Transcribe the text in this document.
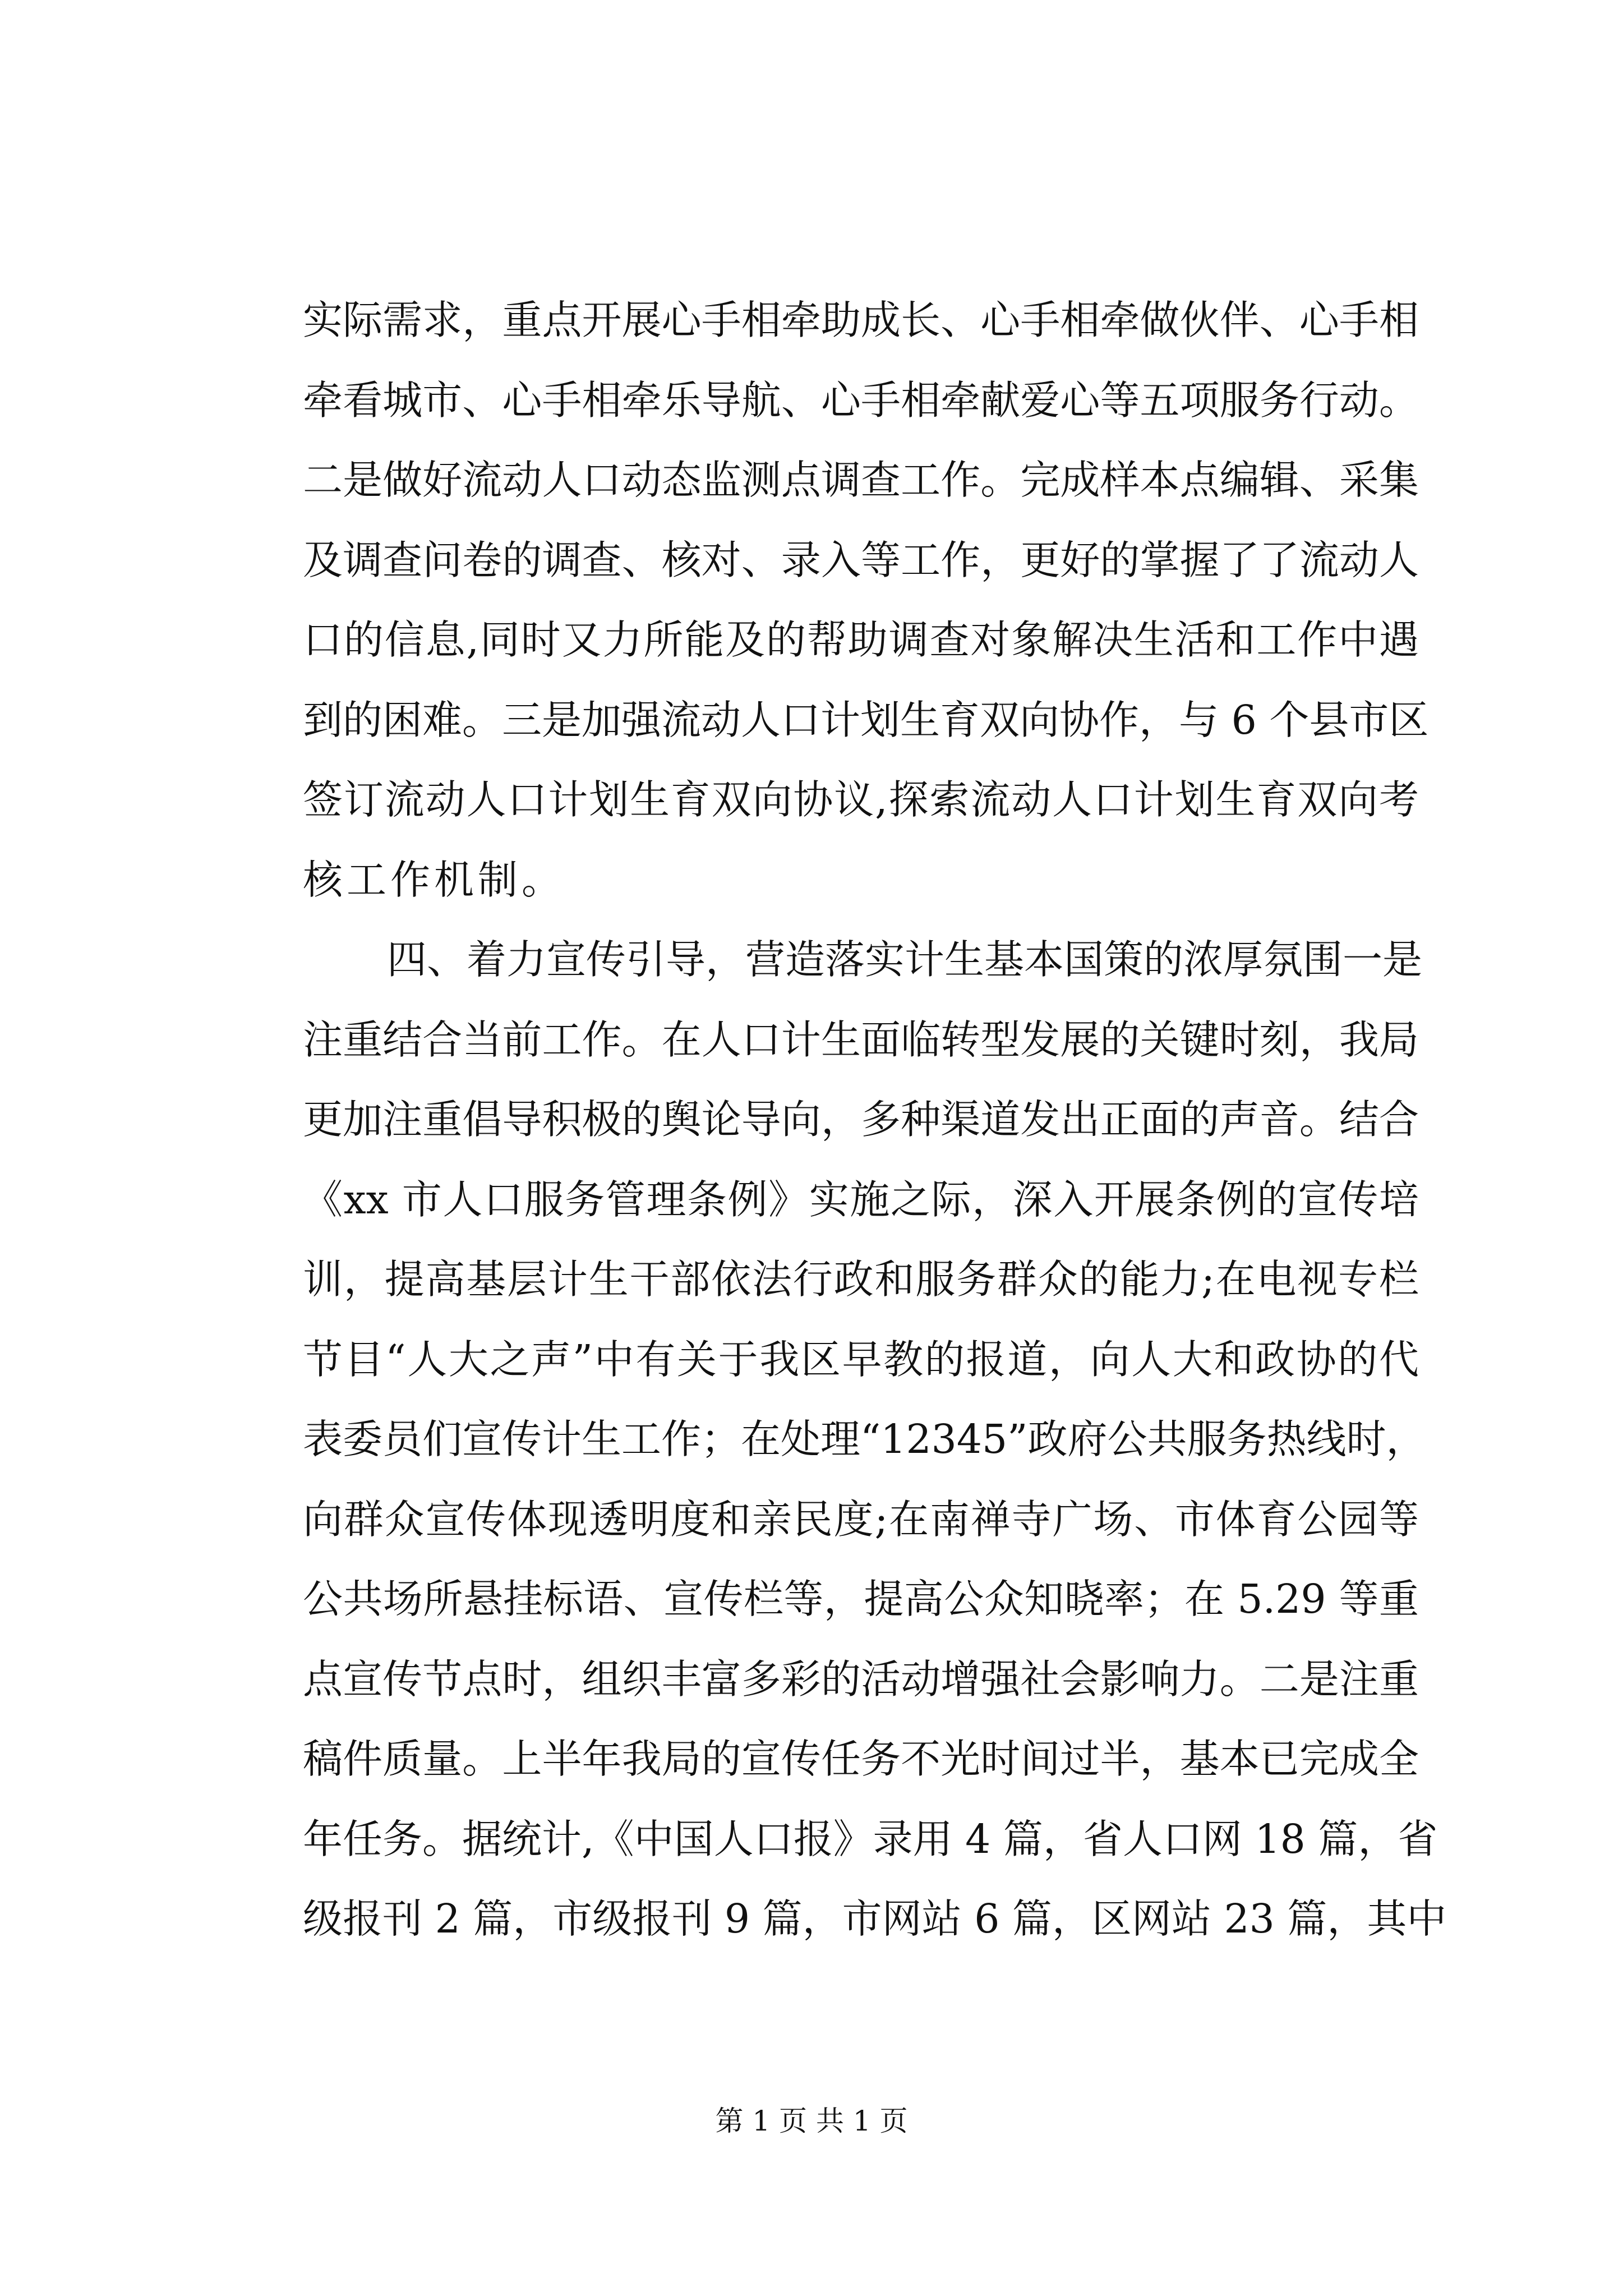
实际需求，重点开展心手相牵助成长、心手相牵做伙伴、心手相
牵看城市、心手相牵乐导航、心手相牵献爱心等五项服务行动。
二是做好流动人口动态监测点调查工作。完成样本点编辑、采集
及调查问卷的调查、核对、录入等工作，更好的掌握了了流动人
口的信息,同时又力所能及的帮助调查对象解决生活和工作中遇
到的困难。三是加强流动人口计划生育双向协作，与 6 个县市区
签订流动人口计划生育双向协议,探索流动人口计划生育双向考
核工作机制。
四、着力宣传引导，营造落实计生基本国策的浓厚氛围一是
注重结合当前工作。在人口计生面临转型发展的关键时刻，我局
更加注重倡导积极的舆论导向，多种渠道发出正面的声音。结合
《xx 市人口服务管理条例》实施之际，深入开展条例的宣传培
训，提高基层计生干部依法行政和服务群众的能力;在电视专栏
节目“人大之声”中有关于我区早教的报道，向人大和政协的代
表委员们宣传计生工作；在处理“12345”政府公共服务热线时，
向群众宣传体现透明度和亲民度;在南禅寺广场、市体育公园等
公共场所悬挂标语、宣传栏等，提高公众知晓率；在 5.29 等重
点宣传节点时，组织丰富多彩的活动增强社会影响力。二是注重
稿件质量。上半年我局的宣传任务不光时间过半，基本已完成全
年任务。据统计,《中国人口报》录用 4 篇，省人口网 18 篇，省
级报刊 2 篇，市级报刊 9 篇，市网站 6 篇，区网站 23 篇，其中
第 1 页 共 1 页
